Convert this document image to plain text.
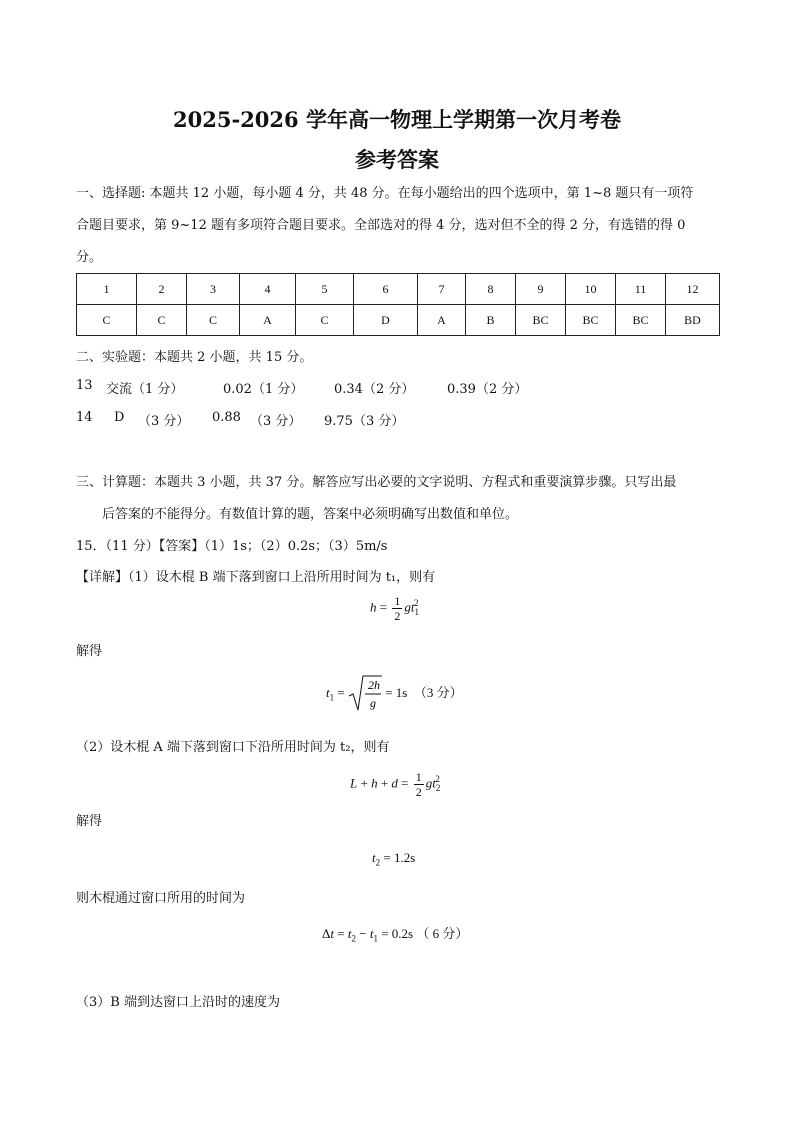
2025-2026 学年高一物理上学期第一次月考卷
参考答案
一、选择题: 本题共 12 小题，每小题 4 分，共 48 分。在每小题给出的四个选项中，第 1~8 题只有一项符
合题目要求，第 9~12 题有多项符合题目要求。全部选对的得 4 分，选对但不全的得 2 分，有选错的得 0
分。
1	2	3	4	5	6	7	8	9	10	11	12
C	C	C	A	C	D	A	B	BC	BC	BC	BD
二、实验题：本题共 2 小题，共 15 分。
13 交流（1 分）	0.02（1 分） 0.34（2 分）	0.39（2 分）
14 D （3 分） 0.88 （3 分） 9.75（3 分）
三、计算题：本题共 3 小题，共 37 分。解答应写出必要的文字说明、方程式和重要演算步骤。只写出最
后答案的不能得分。有数值计算的题，答案中必须明确写出数值和单位。
15．（11 分）【答案】（1）1s；（2）0.2s；（3）5m/s
【详解】（1）设木棍 B 端下落到窗口上沿所用时间为 t₁，则有
$h = \frac{1}{2} gt_1^2$
解得
$t_1 = 2h$
g
= 1s　（3 分）
（2）设木棍 A 端下落到窗口下沿所用时间为 t₂，则有
$L + h + d = \frac{1}{2} gt_2^2$
解得
$t_2 = 1.2s$
则木棍通过窗口所用的时间为
$\Delta t = t_2 - t_1 = 0.2s$ （ 6 分）
（3）B 端到达窗口上沿时的速度为
